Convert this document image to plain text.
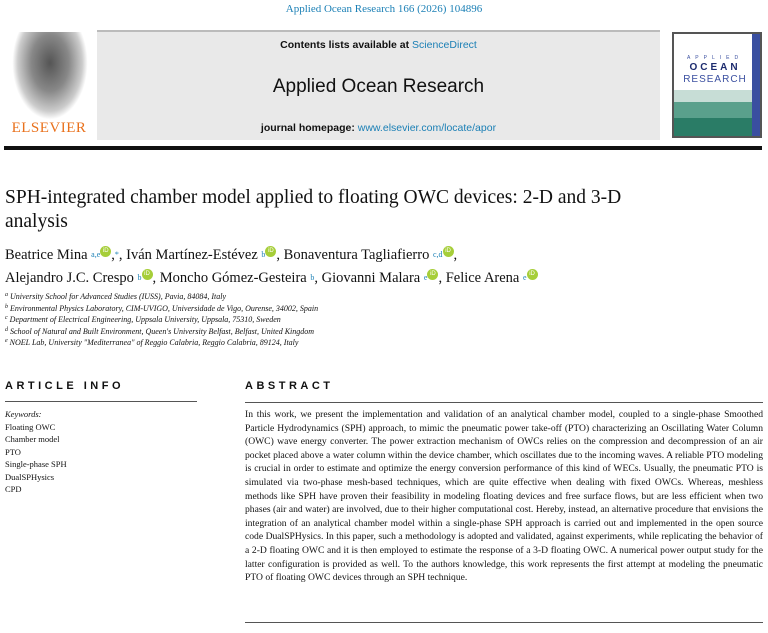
Applied Ocean Research 166 (2026) 104896
ELSEVIER
Contents lists available at ScienceDirect
Applied Ocean Research
journal homepage: www.elsevier.com/locate/apor
APPLIED
OCEAN
RESEARCH
SPH-integrated chamber model applied to floating OWC devices: 2-D and 3-D analysis
Beatrice Mina $^{a,e}$ iD ,*, Iván Martínez-Estévez $^b$ iD , Bonaventura Tagliafierro $^{c,d}$ iD ,
Alejandro J.C. Crespo $^b$ iD , Moncho Gómez-Gesteira $^b$, Giovanni Malara $^e$ iD , Felice Arena $^e$ iD
$^a$ University School for Advanced Studies (IUSS), Pavia, 84084, Italy
$^b$ Environmental Physics Laboratory, CIM-UVIGO, Universidade de Vigo, Ourense, 34002, Spain
$^c$ Department of Electrical Engineering, Uppsala University, Uppsala, 75310, Sweden
$^d$ School of Natural and Built Environment, Queen's University Belfast, Belfast, United Kingdom
$^e$ NOEL Lab, University "Mediterranea" of Reggio Calabria, Reggio Calabria, 89124, Italy
ARTICLE INFO	ABSTRACT
Keywords:
Floating OWC
Chamber model
PTO
Single-phase SPH
DualSPHysics
CPD

In this work, we present the implementation and validation of an analytical chamber model, coupled to a single-phase Smoothed Particle Hydrodynamics (SPH) approach, to mimic the pneumatic power take-off (PTO) characterizing an Oscillating Water Column (OWC) wave energy converter. The power extraction mechanism of OWCs relies on the compression and decompression of an air pocket placed above a water column within the device chamber, which oscillates due to the incoming waves. A reliable PTO modeling is crucial in order to estimate and optimize the energy conversion performance of this kind of WECs. Usually, the pneumatic PTO is simulated via two-phase mesh-based techniques, which are quite effective when dealing with fixed OWCs. Whereas, meshless methods like SPH have proven their feasibility in modeling floating devices and free surface flows, but are less efficient when two phases (air and water) are involved, due to their higher computational cost. Hereby, instead, an alternative procedure that envisions the integration of an analytical chamber model within a single-phase SPH approach is carried out and implemented in the open source code DualSPHysics. In this paper, such a methodology is adopted and validated, against experiments, while replicating the behavior of a 2-D floating OWC and it is then employed to estimate the response of a 3-D floating OWC. A numerical power output study for the latter configuration is provided as well. To the authors knowledge, this work represents the first attempt at modeling the pneumatic PTO of floating OWC devices through an SPH technique.
